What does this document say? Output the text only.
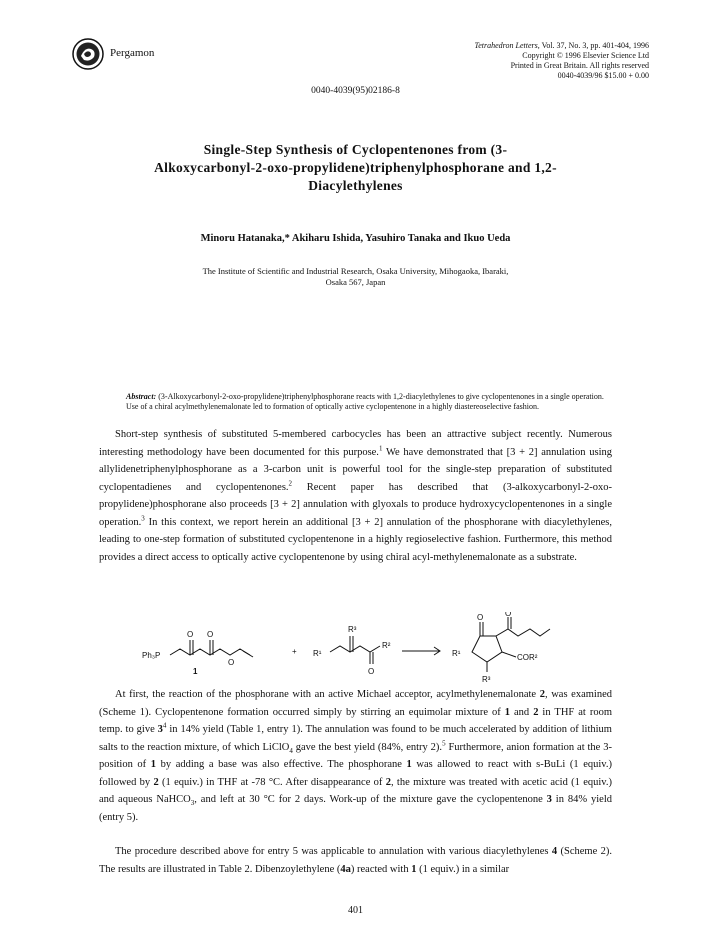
Pergamon
Tetrahedron Letters, Vol. 37, No. 3, pp. 401-404, 1996
Copyright © 1996 Elsevier Science Ltd
Printed in Great Britain. All rights reserved
0040-4039/96 $15.00 + 0.00
0040-4039(95)02186-8
Single-Step Synthesis of Cyclopentenones from (3-
Alkoxycarbonyl-2-oxo-propylidene)triphenylphosphorane and 1,2-
Diacylethylenes
Minoru Hatanaka,* Akiharu Ishida, Yasuhiro Tanaka and Ikuo Ueda
The Institute of Scientific and Industrial Research, Osaka University, Mihogaoka, Ibaraki,
Osaka 567, Japan
Abstract: (3-Alkoxycarbonyl-2-oxo-propylidene)triphenylphosphorane reacts with 1,2-diacylethylenes to give cyclopentenones in a single operation. Use of a chiral acylmethylenemalonate led to formation of optically active cyclopentenone in a highly diastereoselective fashion.
Short-step synthesis of substituted 5-membered carbocycles has been an attractive subject recently. Numerous interesting methodology have been documented for this purpose.$^1$ We have demonstrated that [3 + 2] annulation using allylidenetriphenylphosphorane as a 3-carbon unit is powerful tool for the single-step preparation of substituted cyclopentadienes and cyclopentenones.$^2$ Recent paper has described that (3-alkoxycarbonyl-2-oxo-propylidene)phosphorane also proceeds [3 + 2] annulation with glyoxals to produce hydroxycyclopentenones in a single operation.$^3$ In this context, we report herein an additional [3 + 2] annulation of the phosphorane with diacylethylenes, leading to one-step formation of substituted cyclopentenone in a highly regioselective fashion. Furthermore, this method provides a direct access to optically active cyclopentenone by using chiral acyl-methylenemalonate as a substrate.
Ph₃P
O O
O
1
+ R¹
R³
R²
O
O	O
R¹	COR²
R³
At first, the reaction of the phosphorane with an active Michael acceptor, acylmethylenemalonate 2, was examined (Scheme 1). Cyclopentenone formation occurred simply by stirring an equimolar mixture of 1 and 2 in THF at room temp. to give $3^4$ in 14% yield (Table 1, entry 1). The annulation was found to be much accelerated by addition of lithium salts to the reaction mixture, of which LiClO$_4$ gave the best yield (84%, entry 2).$^5$ Furthermore, anion formation at the 3-position of 1 by adding a base was also effective. The phosphorane 1 was allowed to react with s-BuLi (1 equiv.) followed by 2 (1 equiv.) in THF at -78 °C. After disappearance of 2, the mixture was treated with acetic acid (1 equiv.) and aqueous NaHCO$_3$, and left at 30 °C for 2 days. Work-up of the mixture gave the cyclopentenone 3 in 84% yield (entry 5).
The procedure described above for entry 5 was applicable to annulation with various diacylethylenes 4 (Scheme 2). The results are illustrated in Table 2. Dibenzoylethylene (4a) reacted with 1 (1 equiv.) in a similar
401
